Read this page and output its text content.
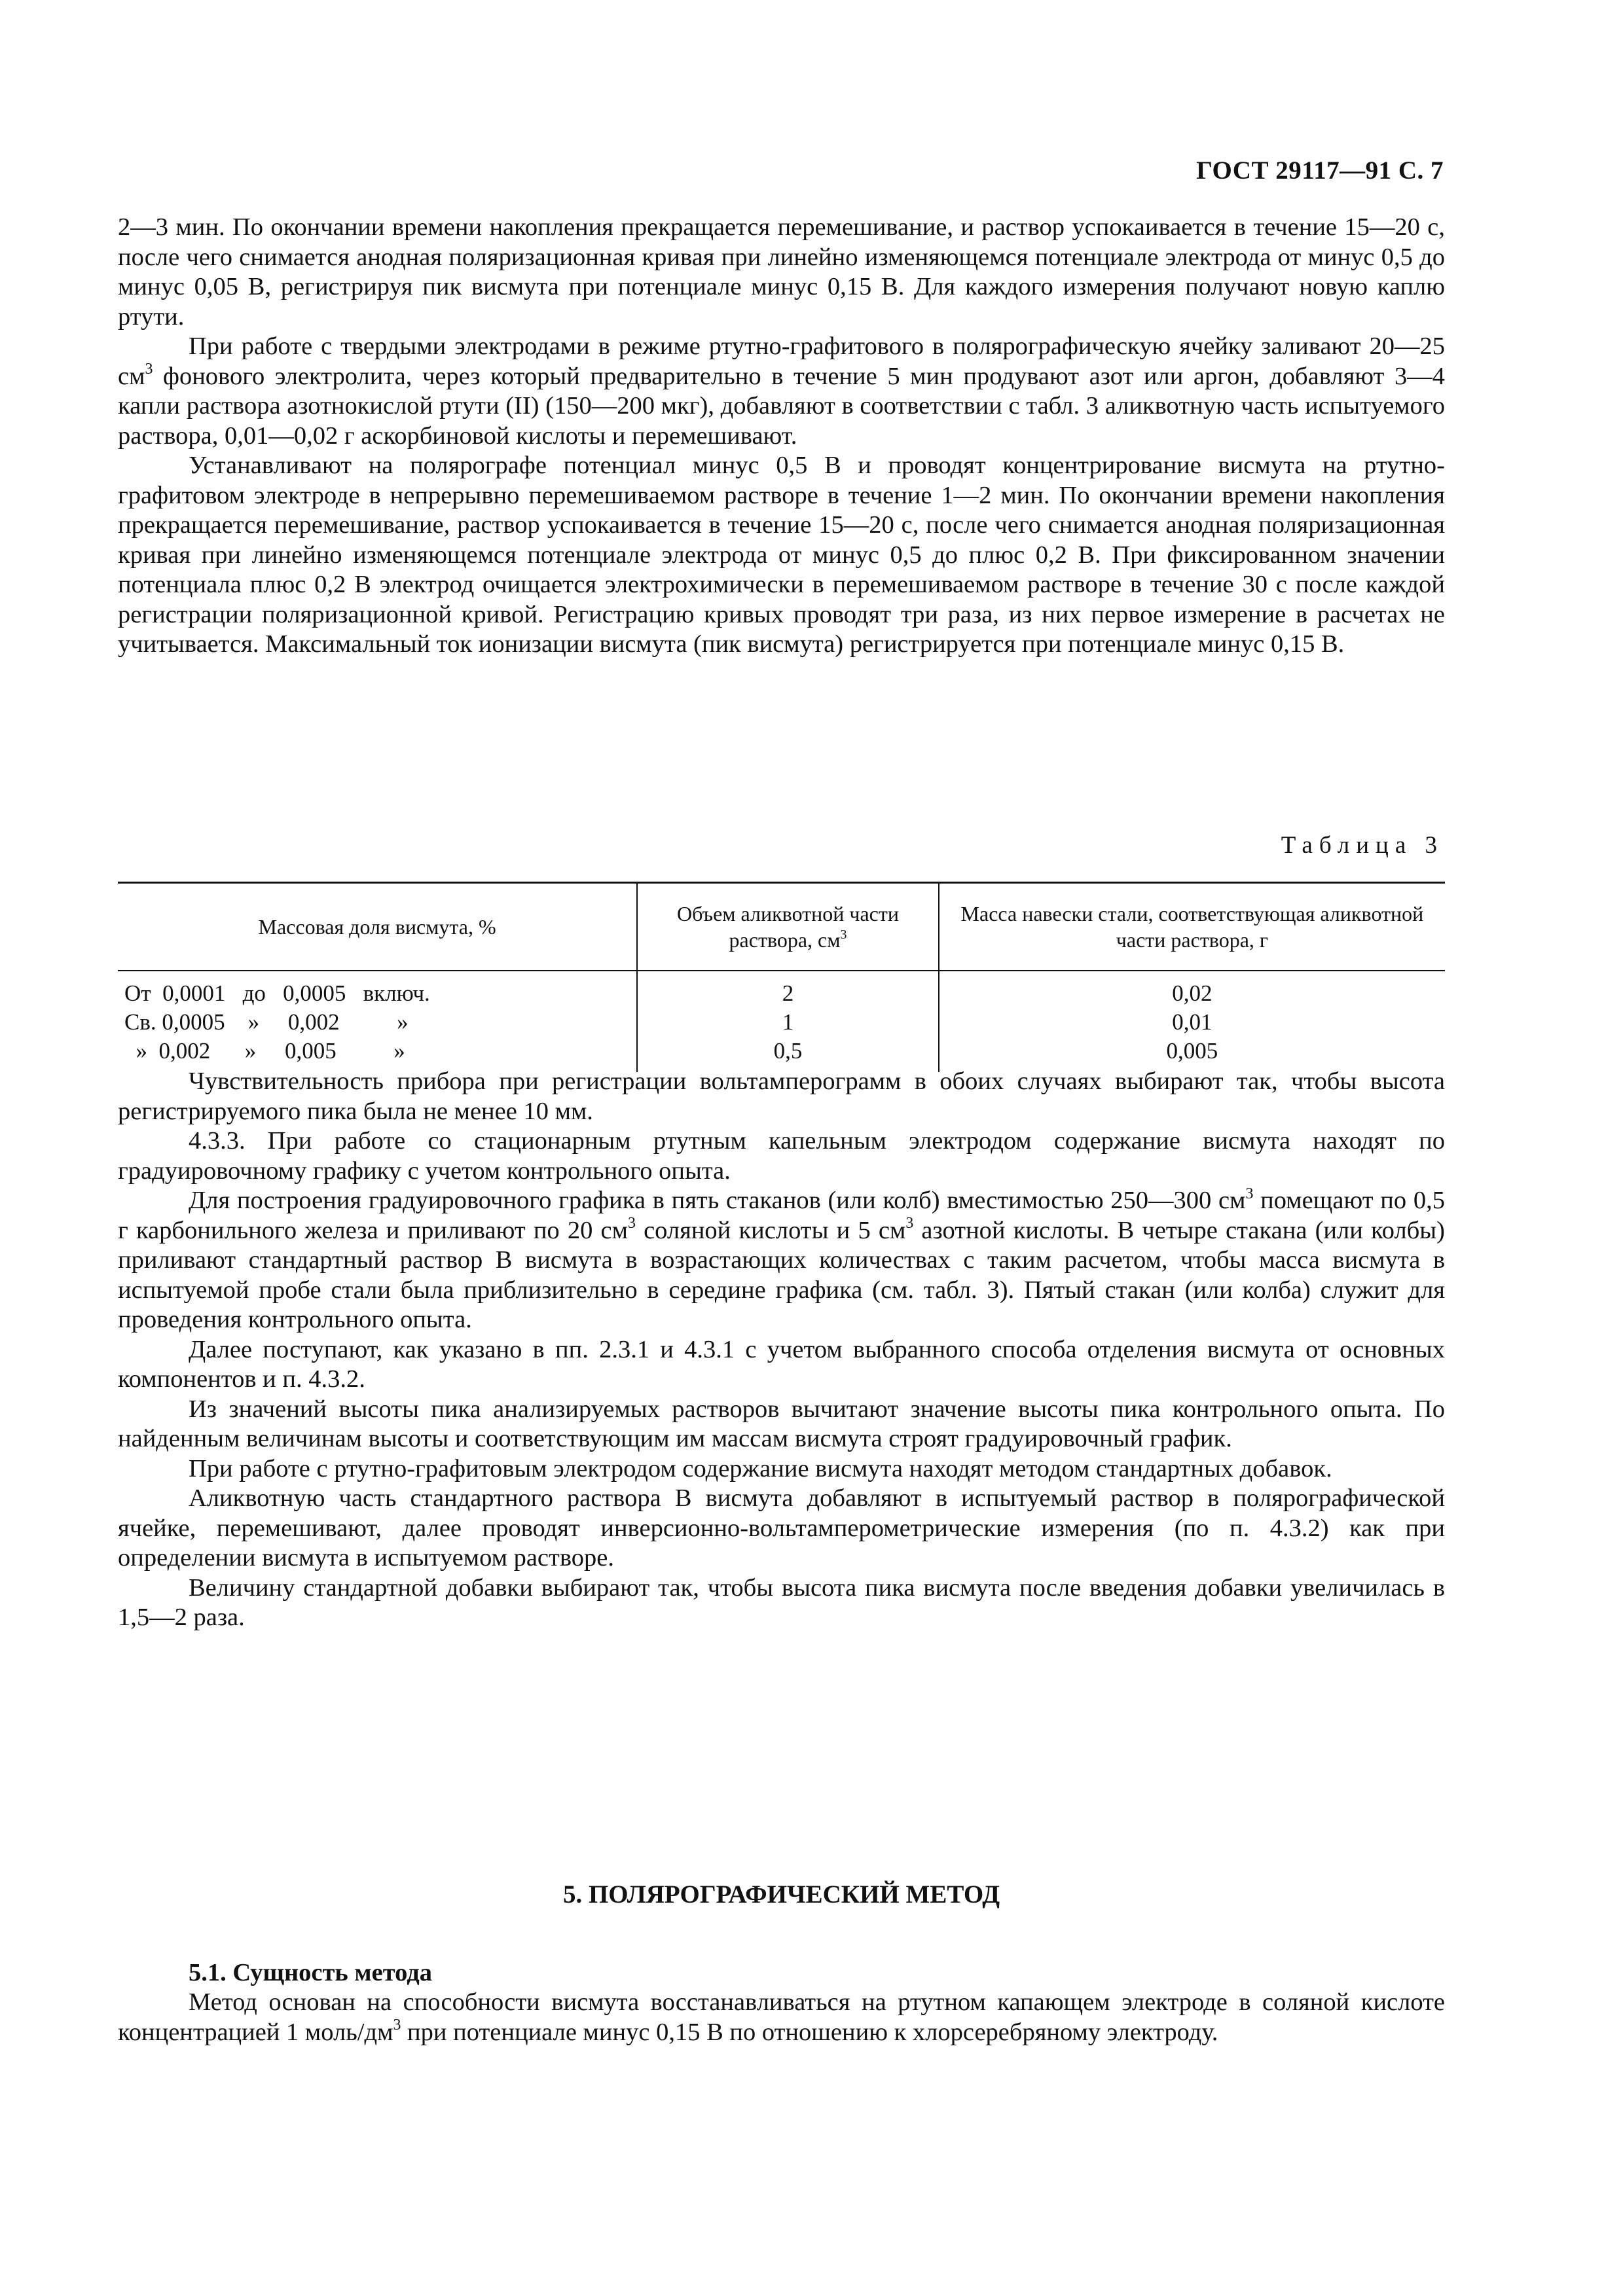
ГОСТ 29117—91 С. 7

2—3 мин. По окончании времени накопления прекращается перемешивание, и раствор успокаивается в течение 15—20 с, после чего снимается анодная поляризационная кривая при линейно изменяющемся потенциале электрода от минус 0,5 до минус 0,05 В, регистрируя пик висмута при потенциале минус 0,15 В. Для каждого измерения получают новую каплю ртути.

При работе с твердыми электродами в режиме ртутно-графитового в полярографическую ячейку заливают 20—25 $см^3$ фонового электролита, через который предварительно в течение 5 мин продувают азот или аргон, добавляют 3—4 капли раствора азотнокислой ртути (II) (150—200 мкг), добавляют в соответствии с табл. 3 аликвотную часть испытуемого раствора, 0,01—0,02 г аскорбиновой кислоты и перемешивают.

Устанавливают на полярографе потенциал минус 0,5 В и проводят концентрирование висмута на ртутно-графитовом электроде в непрерывно перемешиваемом растворе в течение 1—2 мин. По окончании времени накопления прекращается перемешивание, раствор успокаивается в течение 15—20 с, после чего снимается анодная поляризационная кривая при линейно изменяющемся потенциале электрода от минус 0,5 до плюс 0,2 В. При фиксированном значении потенциала плюс 0,2 В электрод очищается электрохимически в перемешиваемом растворе в течение 30 с после каждой регистрации поляризационной кривой. Регистрацию кривых проводят три раза, из них первое измерение в расчетах не учитывается. Максимальный ток ионизации висмута (пик висмута) регистрируется при потенциале минус 0,15 В.

Таблица 3
Массовая доля висмута, %	Объем аликвотной части раствора, $см^3$	Масса навески стали, соответствующая аликвотной части раствора, г
От  0,0001   до   0,0005   включ.	2	0,02
Св. 0,0005    »     0,002          »	1	0,01
»  0,002      »     0,005          »	0,5	0,005

Чувствительность прибора при регистрации вольтамперограмм в обоих случаях выбирают так, чтобы высота регистрируемого пика была не менее 10 мм.

4.3.3. При работе со стационарным ртутным капельным электродом содержание висмута находят по градуировочному графику с учетом контрольного опыта.

Для построения градуировочного графика в пять стаканов (или колб) вместимостью 250—300 $см^3$ помещают по 0,5 г карбонильного железа и приливают по 20 $см^3$ соляной кислоты и 5 $см^3$ азотной кислоты. В четыре стакана (или колбы) приливают стандартный раствор В висмута в возрастающих количествах с таким расчетом, чтобы масса висмута в испытуемой пробе стали была приблизительно в середине графика (см. табл. 3). Пятый стакан (или колба) служит для проведения контрольного опыта.

Далее поступают, как указано в пп. 2.3.1 и 4.3.1 с учетом выбранного способа отделения висмута от основных компонентов и п. 4.3.2.

Из значений высоты пика анализируемых растворов вычитают значение высоты пика контрольного опыта. По найденным величинам высоты и соответствующим им массам висмута строят градуировочный график.

При работе с ртутно-графитовым электродом содержание висмута находят методом стандартных добавок.

Аликвотную часть стандартного раствора В висмута добавляют в испытуемый раствор в полярографической ячейке, перемешивают, далее проводят инверсионно-вольтамперометрические измерения (по п. 4.3.2) как при определении висмута в испытуемом растворе.

Величину стандартной добавки выбирают так, чтобы высота пика висмута после введения добавки увеличилась в 1,5—2 раза.

5. ПОЛЯРОГРАФИЧЕСКИЙ МЕТОД
5.1. Сущность метода

Метод основан на способности висмута восстанавливаться на ртутном капающем электроде в соляной кислоте концентрацией 1 моль/$дм^3$ при потенциале минус 0,15 В по отношению к хлорсеребряному электроду.
